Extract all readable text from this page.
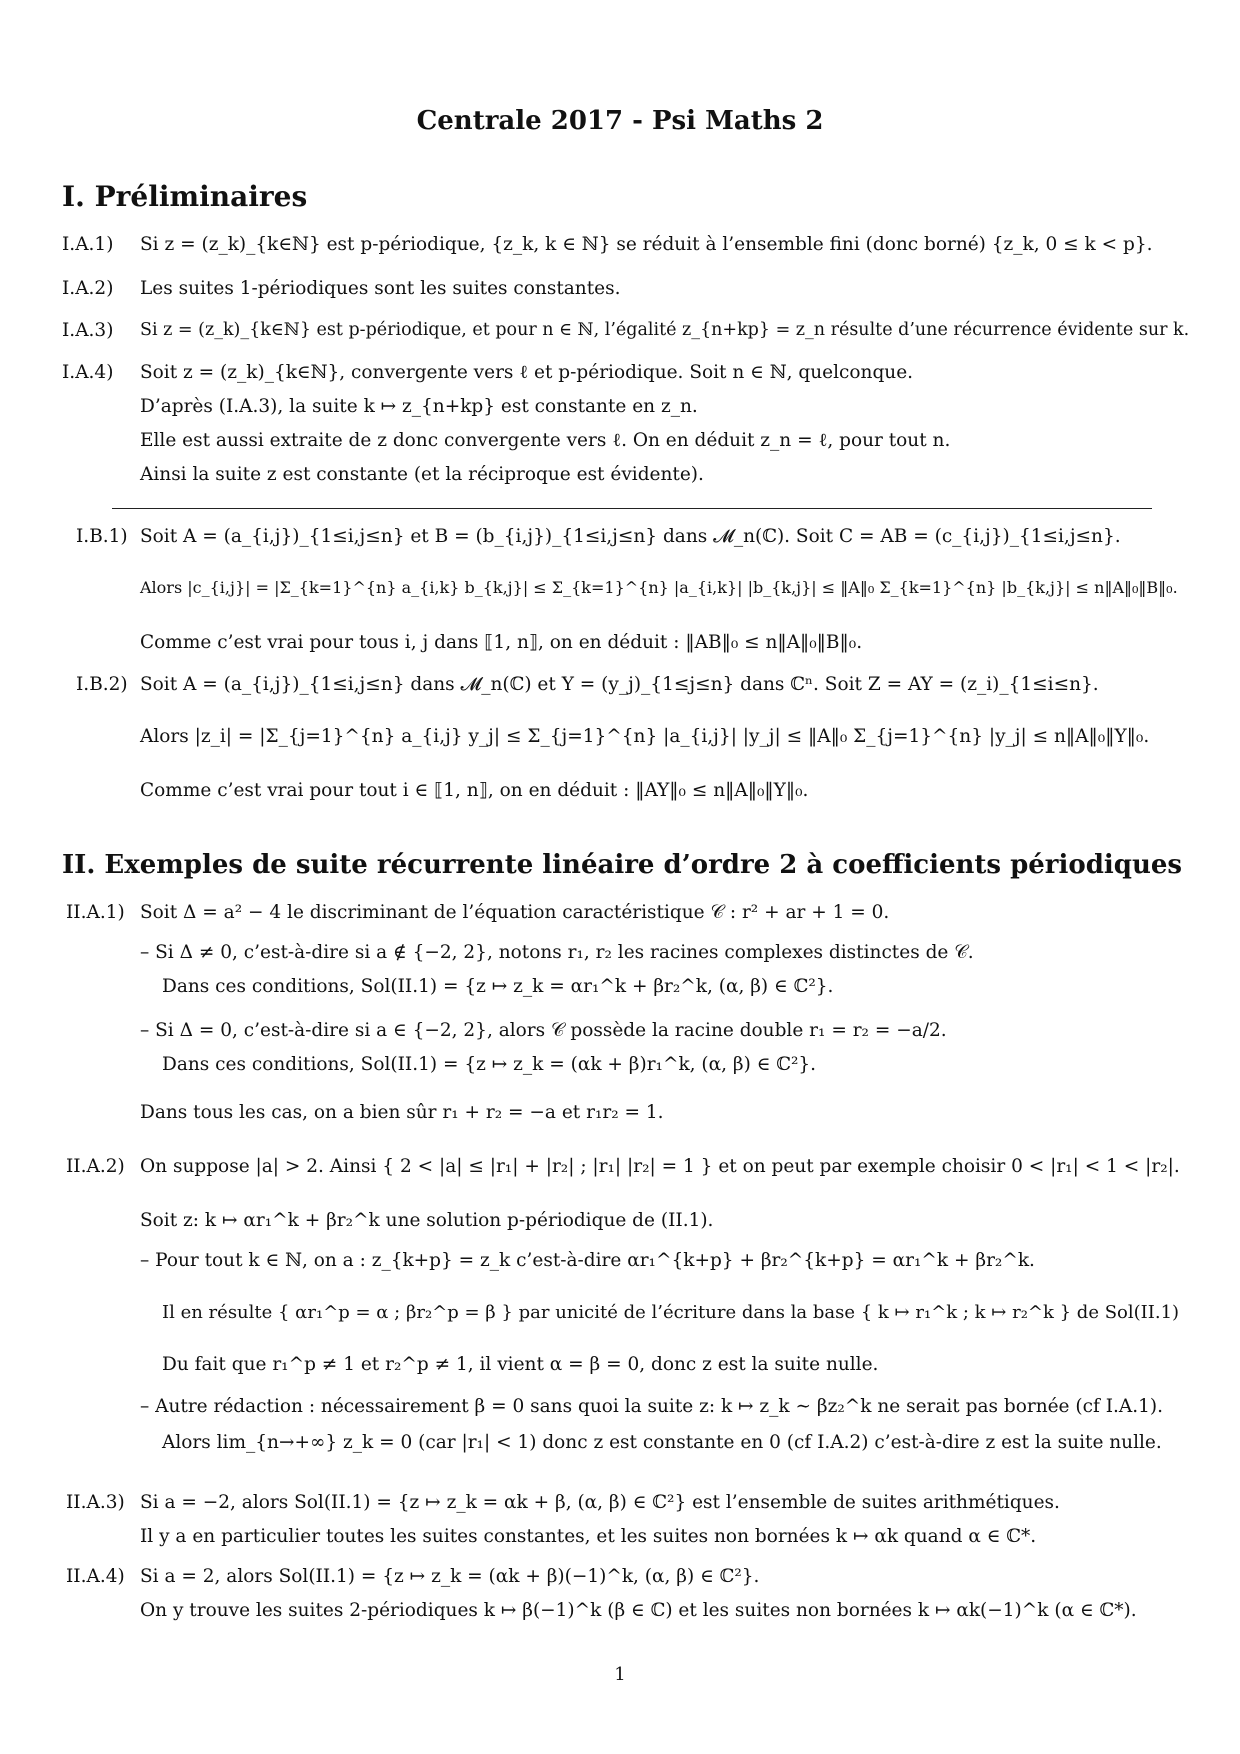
Centrale 2017 - Psi Maths 2
I. Préliminaires
I.A.1) Si z = (z_k)_{k∈ℕ} est p-périodique, {z_k, k ∈ ℕ} se réduit à l’ensemble fini (donc borné) {z_k, 0 ≤ k < p}.
I.A.2) Les suites 1-périodiques sont les suites constantes.
I.A.3) Si z = (z_k)_{k∈ℕ} est p-périodique, et pour n ∈ ℕ, l’égalité z_{n+kp} = z_n résulte d’une récurrence évidente sur k.
I.A.4) Soit z = (z_k)_{k∈ℕ}, convergente vers ℓ et p-périodique. Soit n ∈ ℕ, quelconque.
D’après (I.A.3), la suite k ↦ z_{n+kp} est constante en z_n.
Elle est aussi extraite de z donc convergente vers ℓ. On en déduit z_n = ℓ, pour tout n.
Ainsi la suite z est constante (et la réciproque est évidente).
I.B.1) Soit A = (a_{i,j})_{1≤i,j≤n} et B = (b_{i,j})_{1≤i,j≤n} dans 𝓜_n(ℂ). Soit C = AB = (c_{i,j})_{1≤i,j≤n}.
Alors |c_{i,j}| = |Σ_{k=1}^{n} a_{i,k} b_{k,j}| ≤ Σ_{k=1}^{n} |a_{i,k}| |b_{k,j}| ≤ ‖A‖₀ Σ_{k=1}^{n} |b_{k,j}| ≤ n‖A‖₀‖B‖₀.
Comme c’est vrai pour tous i, j dans ⟦1, n⟧, on en déduit : ‖AB‖₀ ≤ n‖A‖₀‖B‖₀.
I.B.2) Soit A = (a_{i,j})_{1≤i,j≤n} dans 𝓜_n(ℂ) et Y = (y_j)_{1≤j≤n} dans ℂⁿ. Soit Z = AY = (z_i)_{1≤i≤n}.
Alors |z_i| = |Σ_{j=1}^{n} a_{i,j} y_j| ≤ Σ_{j=1}^{n} |a_{i,j}| |y_j| ≤ ‖A‖₀ Σ_{j=1}^{n} |y_j| ≤ n‖A‖₀‖Y‖₀.
Comme c’est vrai pour tout i ∈ ⟦1, n⟧, on en déduit : ‖AY‖₀ ≤ n‖A‖₀‖Y‖₀.
II. Exemples de suite récurrente linéaire d’ordre 2 à coefficients périodiques
II.A.1) Soit Δ = a² − 4 le discriminant de l’équation caractéristique 𝒞 : r² + ar + 1 = 0.
– Si Δ ≠ 0, c’est-à-dire si a ∉ {−2, 2}, notons r₁, r₂ les racines complexes distinctes de 𝒞.
Dans ces conditions, Sol(II.1) = {z ↦ z_k = αr₁^k + βr₂^k, (α, β) ∈ ℂ²}.
– Si Δ = 0, c’est-à-dire si a ∈ {−2, 2}, alors 𝒞 possède la racine double r₁ = r₂ = −a/2.
Dans ces conditions, Sol(II.1) = {z ↦ z_k = (αk + β)r₁^k, (α, β) ∈ ℂ²}.
Dans tous les cas, on a bien sûr r₁ + r₂ = −a et r₁r₂ = 1.
II.A.2) On suppose |a| > 2. Ainsi { 2 < |a| ≤ |r₁| + |r₂| ; |r₁| |r₂| = 1 } et on peut par exemple choisir 0 < |r₁| < 1 < |r₂|.
Soit z: k ↦ αr₁^k + βr₂^k une solution p-périodique de (II.1).
– Pour tout k ∈ ℕ, on a : z_{k+p} = z_k c’est-à-dire αr₁^{k+p} + βr₂^{k+p} = αr₁^k + βr₂^k.
Il en résulte { αr₁^p = α ; βr₂^p = β } par unicité de l’écriture dans la base { k ↦ r₁^k ; k ↦ r₂^k } de Sol(II.1)
Du fait que r₁^p ≠ 1 et r₂^p ≠ 1, il vient α = β = 0, donc z est la suite nulle.
– Autre rédaction : nécessairement β = 0 sans quoi la suite z: k ↦ z_k ∼ βz₂^k ne serait pas bornée (cf I.A.1).
Alors lim_{n→+∞} z_k = 0 (car |r₁| < 1) donc z est constante en 0 (cf I.A.2) c’est-à-dire z est la suite nulle.
II.A.3) Si a = −2, alors Sol(II.1) = {z ↦ z_k = αk + β, (α, β) ∈ ℂ²} est l’ensemble de suites arithmétiques.
Il y a en particulier toutes les suites constantes, et les suites non bornées k ↦ αk quand α ∈ ℂ*.
II.A.4) Si a = 2, alors Sol(II.1) = {z ↦ z_k = (αk + β)(−1)^k, (α, β) ∈ ℂ²}.
On y trouve les suites 2-périodiques k ↦ β(−1)^k (β ∈ ℂ) et les suites non bornées k ↦ αk(−1)^k (α ∈ ℂ*).
1
